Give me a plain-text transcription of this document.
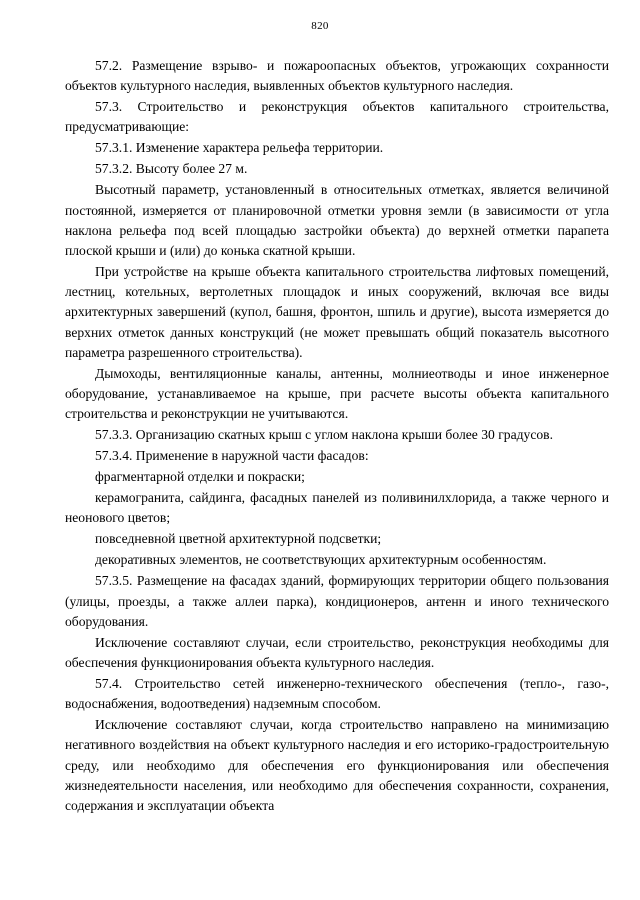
820

57.2. Размещение взрыво- и пожароопасных объектов, угрожающих сохранности объектов культурного наследия, выявленных объектов культурного наследия.

57.3. Строительство и реконструкция объектов капитального строительства, предусматривающие:

57.3.1. Изменение характера рельефа территории.

57.3.2. Высоту более 27 м.

Высотный параметр, установленный в относительных отметках, является величиной постоянной, измеряется от планировочной отметки уровня земли (в зависимости от угла наклона рельефа под всей площадью застройки объекта) до верхней отметки парапета плоской крыши и (или) до конька скатной крыши.

При устройстве на крыше объекта капитального строительства лифтовых помещений, лестниц, котельных, вертолетных площадок и иных сооружений, включая все виды архитектурных завершений (купол, башня, фронтон, шпиль и другие), высота измеряется до верхних отметок данных конструкций (не может превышать общий показатель высотного параметра разрешенного строительства).

Дымоходы, вентиляционные каналы, антенны, молниеотводы и иное инженерное оборудование, устанавливаемое на крыше, при расчете высоты объекта капитального строительства и реконструкции не учитываются.

57.3.3. Организацию скатных крыш с углом наклона крыши более 30 градусов.

57.3.4. Применение в наружной части фасадов:

фрагментарной отделки и покраски;

керамогранита, сайдинга, фасадных панелей из поливинилхлорида, а также черного и неонового цветов;

повседневной цветной архитектурной подсветки;

декоративных элементов, не соответствующих архитектурным особенностям.

57.3.5. Размещение на фасадах зданий, формирующих территории общего пользования (улицы, проезды, а также аллеи парка), кондиционеров, антенн и иного технического оборудования.

Исключение составляют случаи, если строительство, реконструкция необходимы для обеспечения функционирования объекта культурного наследия.

57.4. Строительство сетей инженерно-технического обеспечения (тепло-, газо-, водоснабжения, водоотведения) надземным способом.

Исключение составляют случаи, когда строительство направлено на минимизацию негативного воздействия на объект культурного наследия и его историко-градостроительную среду, или необходимо для обеспечения его функционирования или обеспечения жизнедеятельности населения, или необходимо для обеспечения сохранности, сохранения, содержания и эксплуатации объекта
